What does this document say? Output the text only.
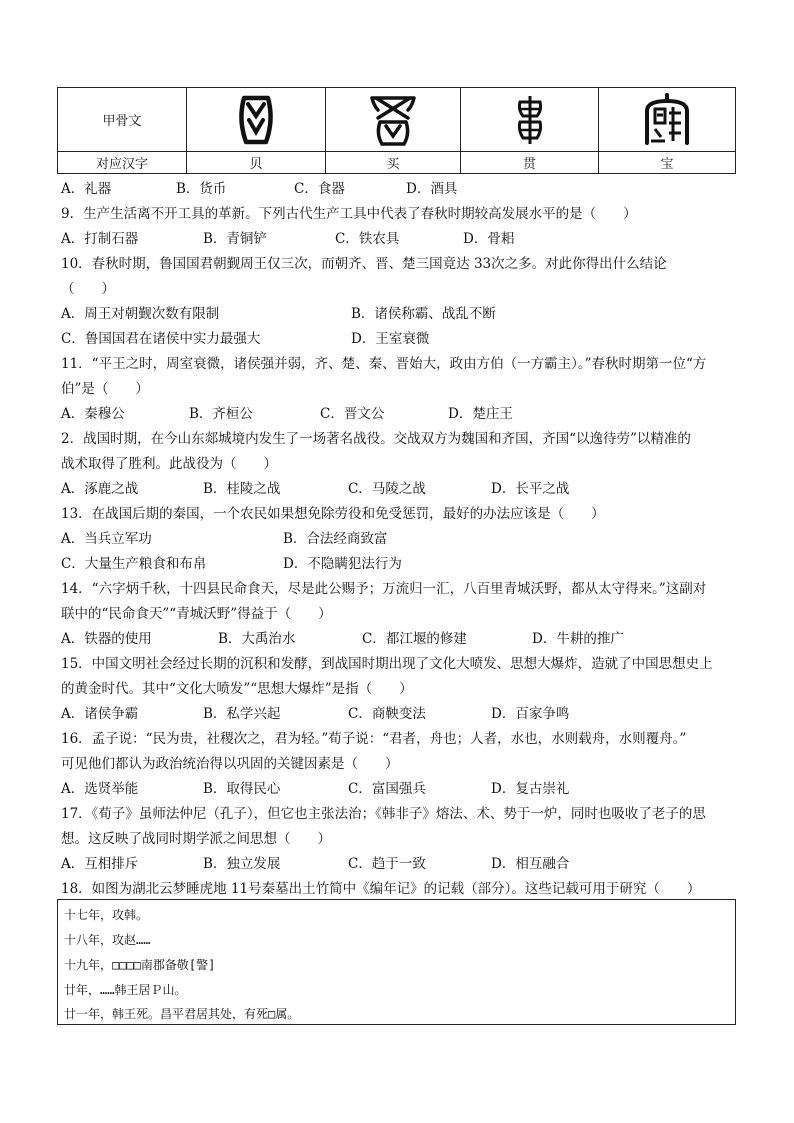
甲骨文	

对应汉字	贝	买	贯	宝
A．礼器	B．货币	C．食器	D．酒具
9．生产生活离不开工具的革新。下列古代生产工具中代表了春秋时期较高发展水平的是（　　）
A．打制石器	B．青铜铲	C．铁农具	D．骨耜
10．春秋时期，鲁国国君朝觐周王仅三次，而朝齐、晋、楚三国竟达 33次之多。对此你得出什么结论
（　　）
A．周王对朝觐次数有限制	B．诸侯称霸、战乱不断
C．鲁国国君在诸侯中实力最强大	D．王室衰微
11．“平王之时，周室衰微，诸侯强并弱，齐、楚、秦、晋始大，政由方伯（一方霸主）。”春秋时期第一位“方
伯”是（　　）
A．秦穆公	B．齐桓公	C．晋文公	D．楚庄王
2．战国时期，在今山东郯城境内发生了一场著名战役。交战双方为魏国和齐国，齐国“以逸待劳”以精准的
战术取得了胜利。此战役为（　　）
A．涿鹿之战	B．桂陵之战	C．马陵之战	D．长平之战
13．在战国后期的秦国，一个农民如果想免除劳役和免受惩罚，最好的办法应该是（　　）
A．当兵立军功	B．合法经商致富
C．大量生产粮食和布帛	D．不隐瞒犯法行为
14．“六字炳千秋，十四县民命食天，尽是此公赐予；万流归一汇，八百里青城沃野，都从太守得来。”这副对
联中的“民命食天”“青城沃野”得益于（　　）
A．铁器的使用	B．大禹治水	C．都江堰的修建	D．牛耕的推广
15．中国文明社会经过长期的沉积和发酵，到战国时期出现了文化大喷发、思想大爆炸，造就了中国思想史上
的黄金时代。其中“文化大喷发”“思想大爆炸”是指（　　）
A．诸侯争霸	B．私学兴起	C．商鞅变法	D．百家争鸣
16．孟子说：“民为贵，社稷次之，君为轻。”荀子说：“君者，舟也；人者，水也，水则载舟，水则覆舟。”
可见他们都认为政治统治得以巩固的关键因素是（　　）
A．选贤举能	B．取得民心	C．富国强兵	D．复古崇礼
17．《荀子》虽师法仲尼（孔子），但它也主张法治；《韩非子》熔法、术、势于一炉，同时也吸收了老子的思
想。这反映了战同时期学派之间思想（　　）
A．互相排斥	B．独立发展	C．趋于一致	D．相互融合
18．如图为湖北云梦睡虎地 11号秦墓出土竹简中《编年记》的记载（部分）。这些记载可用于研究（　　）
十七年，攻韩。
十八年，攻赵……
十九年，□□□□南郡备敬[警]
廿年，……韩王居Ｐ山。
廿一年，韩王死。昌平君居其处，有死□属。
